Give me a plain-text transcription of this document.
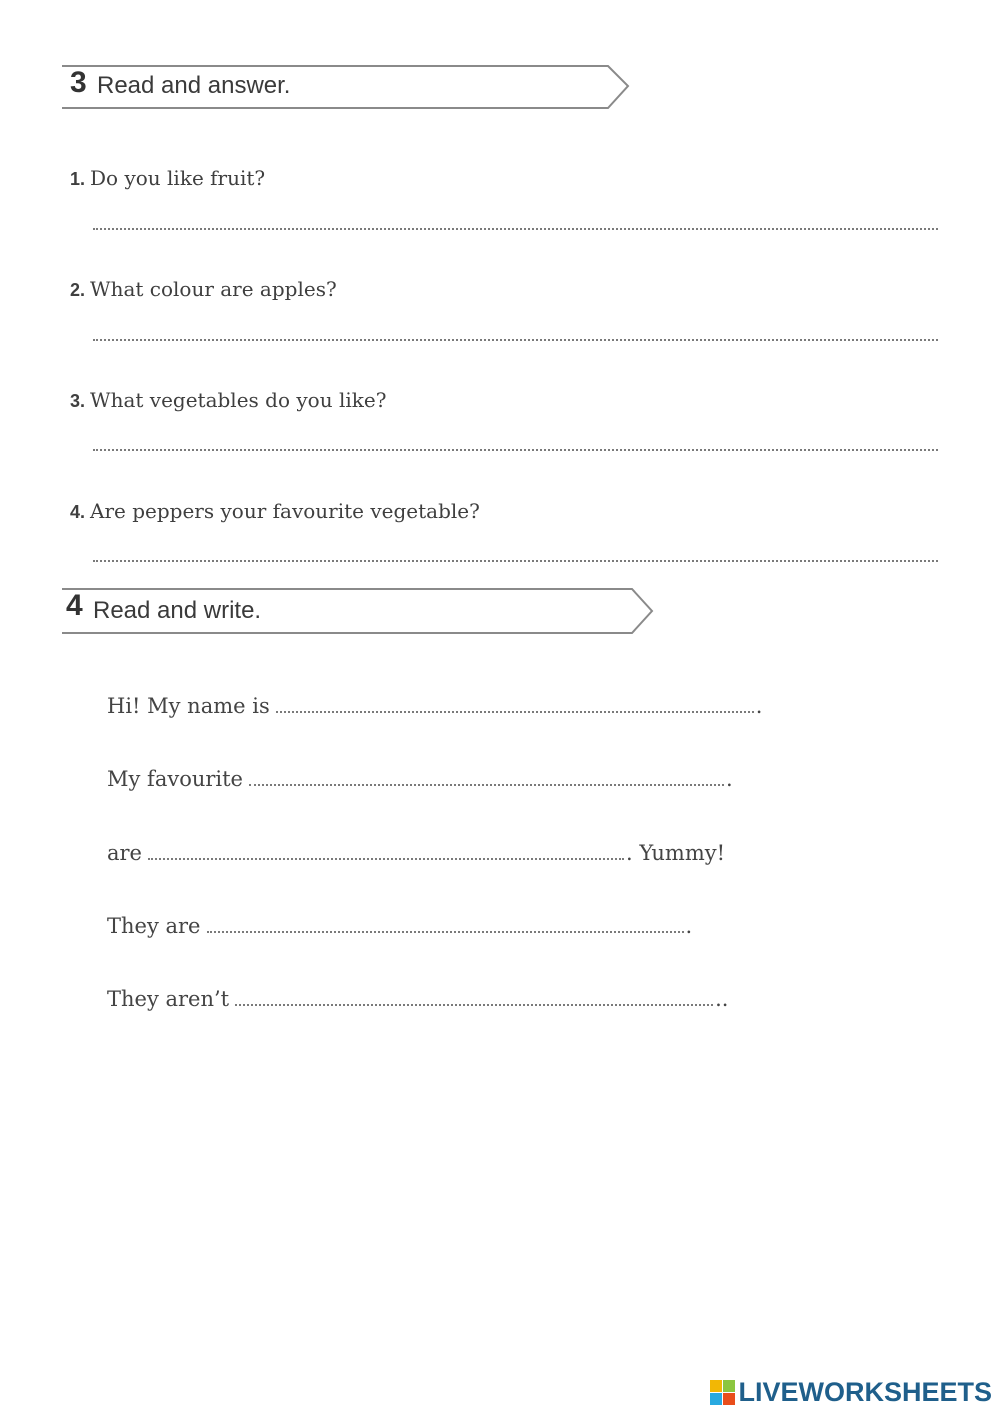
3 Read and answer.
1. Do you like fruit?
2. What colour are apples?
3. What vegetables do you like?
4. Are peppers your favourite vegetable?
4 Read and write.
Hi! My name is	.
My favourite	.
are	. Yummy!
They are	.
They aren’t	..
LIVEWORKSHEETS
